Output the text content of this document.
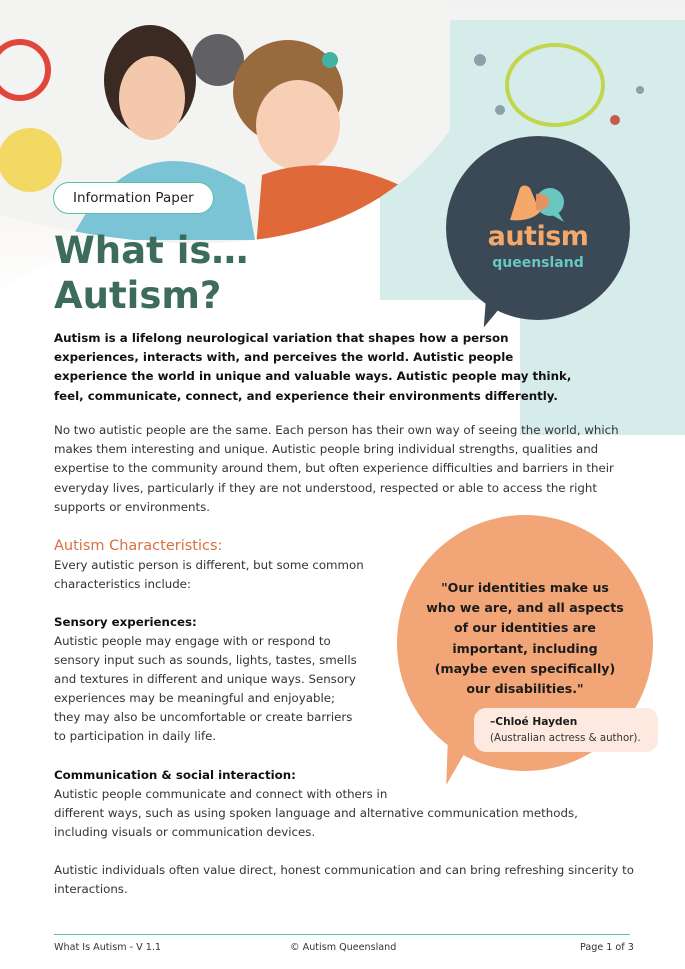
Information Paper
What is…
Autism?
autism
queensland

Autism is a lifelong neurological variation that shapes how a person experiences, interacts with, and perceives the world. Autistic people experience the world in unique and valuable ways. Autistic people may think, feel, communicate, connect, and experience their environments differently.

No two autistic people are the same. Each person has their own way of seeing the world, which makes them interesting and unique. Autistic people bring individual strengths, qualities and expertise to the community around them, but often experience difficulties and barriers in their everyday lives, particularly if they are not understood, respected or able to access the right supports or environments.

Autism Characteristics:

Every autistic person is different, but some common characteristics include:

Sensory experiences:

Autistic people may engage with or respond to sensory input such as sounds, lights, tastes, smells and textures in different and unique ways. Sensory experiences may be meaningful and enjoyable; they may also be uncomfortable or create barriers to participation in daily life.

Communication & social interaction:

Autistic people communicate and connect with others in
different ways, such as using spoken language and alternative communication methods, including visuals or communication devices.

Autistic individuals often value direct, honest communication and can bring refreshing sincerity to interactions.

"Our identities make us who we are, and all aspects of our identities are important, including (maybe even specifically) our disabilities."

–Chloé Hayden
(Australian actress & author).
What Is Autism - V 1.1	© Autism Queensland	Page 1 of 3
